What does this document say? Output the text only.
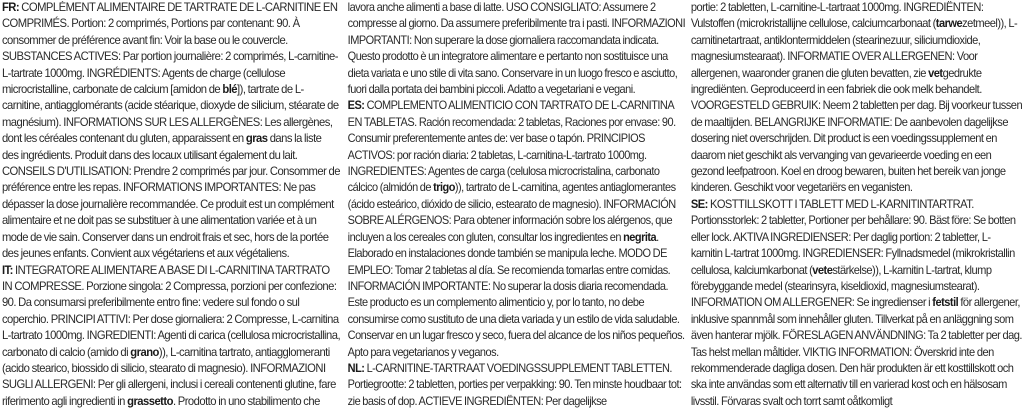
FR: COMPLÉMENT ALIMENTAIRE DE TARTRATE DE L-CARNITINE EN COMPRIMÉS. Portion: 2 comprimés, Portions par contenant: 90. À consommer de préférence avant fin: Voir la base ou le couvercle. SUBSTANCES ACTIVES: Par portion journalière: 2 comprimés, L-carnitine-L-tartrate 1000mg. INGRÉDIENTS: Agents de charge (cellulose microcristalline, carbonate de calcium [amidon de blé]), tartrate de L-carnitine, antiagglomérants (acide stéarique, dioxyde de silicium, stéarate de magnésium). INFORMATIONS SUR LES ALLERGÈNES: Les allergènes, dont les céréales contenant du gluten, apparaissent en gras dans la liste des ingrédients. Produit dans des locaux utilisant également du lait. CONSEILS D'UTILISATION: Prendre 2 comprimés par jour. Consommer de préférence entre les repas. INFORMATIONS IMPORTANTES: Ne pas dépasser la dose journalière recommandée. Ce produit est un complément alimentaire et ne doit pas se substituer à une alimentation variée et à un mode de vie sain. Conserver dans un endroit frais et sec, hors de la portée des jeunes enfants. Convient aux végétariens et aux végétaliens.

IT: INTEGRATORE ALIMENTARE A BASE DI L-CARNITINA TARTRATO IN COMPRESSE. Porzione singola: 2 Compressa, porzioni per confezione: 90. Da consumarsi preferibilmente entro fine: vedere sul fondo o sul coperchio. PRINCIPI ATTIVI: Per dose giornaliera: 2 Compresse, L-carnitina L-tartrato 1000mg. INGREDIENTI: Agenti di carica (cellulosa microcristallina, carbonato di calcio (amido di grano)), L-carnitina tartrato, antiagglomeranti (acido stearico, biossido di silicio, stearato di magnesio). INFORMAZIONI SUGLI ALLERGENI: Per gli allergeni, inclusi i cereali contenenti glutine, fare riferimento agli ingredienti in grassetto. Prodotto in uno stabilimento che

lavora anche alimenti a base di latte. USO CONSIGLIATO: Assumere 2 compresse al giorno. Da assumere preferibilmente tra i pasti. INFORMAZIONI IMPORTANTI: Non superare la dose giornaliera raccomandata indicata. Questo prodotto è un integratore alimentare e pertanto non sostituisce una dieta variata e uno stile di vita sano. Conservare in un luogo fresco e asciutto, fuori dalla portata dei bambini piccoli. Adatto a vegetariani e vegani.

ES: COMPLEMENTO ALIMENTICIO CON TARTRATO DE L-CARNITINA EN TABLETAS. Ración recomendada: 2 tabletas, Raciones por envase: 90. Consumir preferentemente antes de: ver base o tapón. PRINCIPIOS ACTIVOS: por ración diaria: 2 tabletas, L-carnitina-L-tartrato 1000mg. INGREDIENTES: Agentes de carga (celulosa microcristalina, carbonato cálcico (almidón de trigo)), tartrato de L-carnitina, agentes antiaglomerantes (ácido esteárico, dióxido de silicio, estearato de magnesio). INFORMACIÓN SOBRE ALÉRGENOS: Para obtener información sobre los alérgenos, que incluyen a los cereales con gluten, consultar los ingredientes en negrita. Elaborado en instalaciones donde también se manipula leche. MODO DE EMPLEO: Tomar 2 tabletas al día. Se recomienda tomarlas entre comidas. INFORMACIÓN IMPORTANTE: No superar la dosis diaria recomendada. Este producto es un complemento alimenticio y, por lo tanto, no debe consumirse como sustituto de una dieta variada y un estilo de vida saludable. Conservar en un lugar fresco y seco, fuera del alcance de los niños pequeños. Apto para vegetarianos y veganos.

NL: L-CARNITINE-TARTRAAT VOEDINGSSUPPLEMENT TABLETTEN. Portiegrootte: 2 tabletten, porties per verpakking: 90. Ten minste houdbaar tot: zie basis of dop. ACTIEVE INGREDIËNTEN: Per dagelijkse

portie: 2 tabletten, L-carnitine-L-tartraat 1000mg. INGREDIËNTEN: Vulstoffen (microkristallijne cellulose, calciumcarbonaat (tarwezetmeel)), L-carnitinetartraat, antiklontermiddelen (stearinezuur, siliciumdioxide, magnesiumstearaat). INFORMATIE OVER ALLERGENEN: Voor allergenen, waaronder granen die gluten bevatten, zie vetgedrukte ingrediënten. Geproduceerd in een fabriek die ook melk behandelt. VOORGESTELD GEBRUIK: Neem 2 tabletten per dag. Bij voorkeur tussen de maaltijden. BELANGRIJKE INFORMATIE: De aanbevolen dagelijkse dosering niet overschrijden. Dit product is een voedingssupplement en daarom niet geschikt als vervanging van gevarieerde voeding en een gezond leefpatroon. Koel en droog bewaren, buiten het bereik van jonge kinderen. Geschikt voor vegetariërs en veganisten.

SE: KOSTTILLSKOTT I TABLETT MED L-KARNITINTARTRAT. Portionsstorlek: 2 tabletter, Portioner per behållare: 90. Bäst före: Se botten eller lock. AKTIVA INGREDIENSER: Per daglig portion: 2 tabletter, L-karnitin L-tartrat 1000mg. INGREDIENSER: Fyllnadsmedel (mikrokristallin cellulosa, kalciumkarbonat (vetestärkelse)), L-karnitin L-tartrat, klump förebyggande medel (stearinsyra, kiseldioxid, magnesiumstearat). INFORMATION OM ALLERGENER: Se ingredienser i fetstil för allergener, inklusive spannmål som innehåller gluten. Tillverkat på en anläggning som även hanterar mjölk. FÖRESLAGEN ANVÄNDNING: Ta 2 tabletter per dag. Tas helst mellan måltider. VIKTIG INFORMATION: Överskrid inte den rekommenderade dagliga dosen. Den här produkten är ett kosttillskott och ska inte användas som ett alternativ till en varierad kost och en hälsosam livsstil. Förvaras svalt och torrt samt oåtkomligt
